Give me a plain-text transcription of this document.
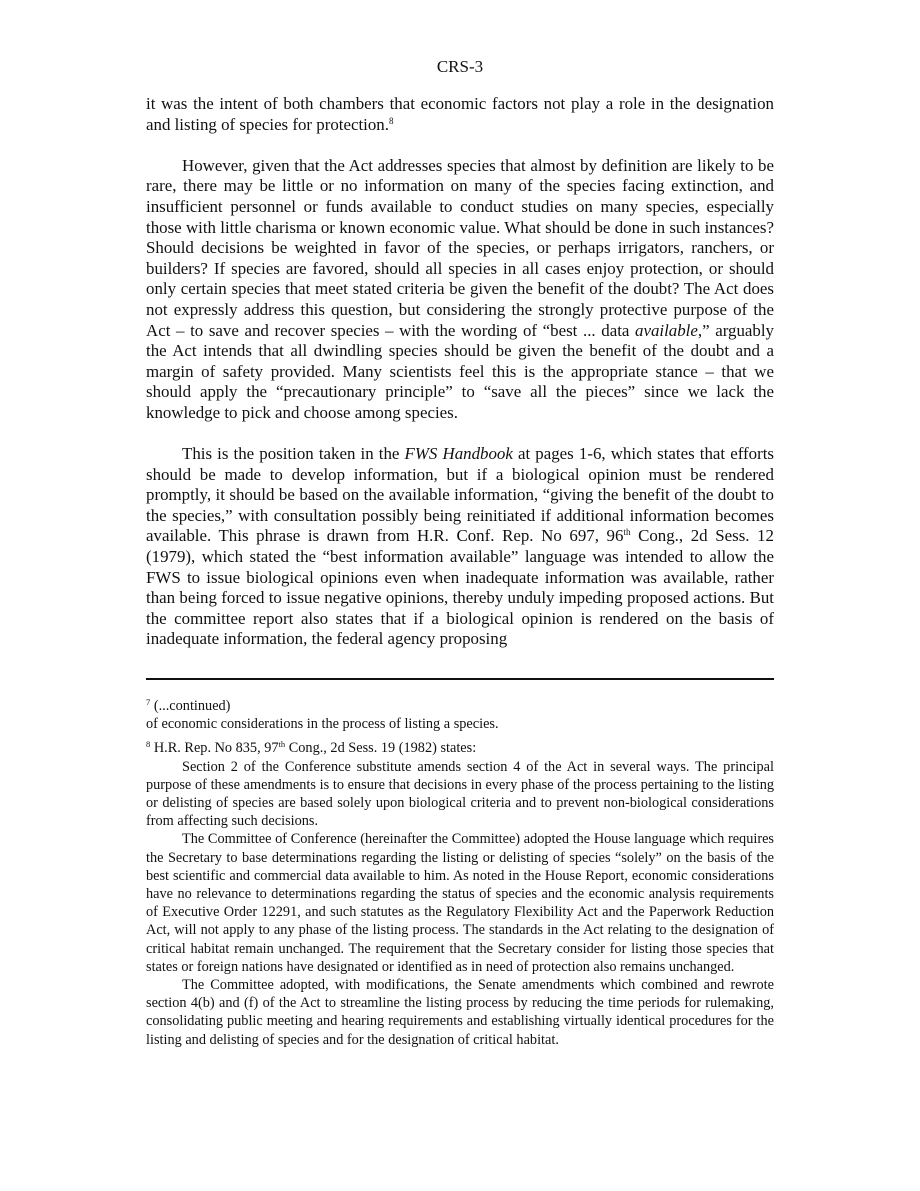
CRS-3

it was the intent of both chambers that economic factors not play a role in the designation and listing of species for protection.$^8$

However, given that the Act addresses species that almost by definition are likely to be rare, there may be little or no information on many of the species facing extinction, and insufficient personnel or funds available to conduct studies on many species, especially those with little charisma or known economic value. What should be done in such instances? Should decisions be weighted in favor of the species, or perhaps irrigators, ranchers, or builders? If species are favored, should all species in all cases enjoy protection, or should only certain species that meet stated criteria be given the benefit of the doubt? The Act does not expressly address this question, but considering the strongly protective purpose of the Act – to save and recover species – with the wording of “best ... data available,” arguably the Act intends that all dwindling species should be given the benefit of the doubt and a margin of safety provided. Many scientists feel this is the appropriate stance – that we should apply the “precautionary principle” to “save all the pieces” since we lack the knowledge to pick and choose among species.

This is the position taken in the FWS Handbook at pages 1-6, which states that efforts should be made to develop information, but if a biological opinion must be rendered promptly, it should be based on the available information, “giving the benefit of the doubt to the species,” with consultation possibly being reinitiated if additional information becomes available. This phrase is drawn from H.R. Conf. Rep. No 697, 96th Cong., 2d Sess. 12 (1979), which stated the “best information available” language was intended to allow the FWS to issue biological opinions even when inadequate information was available, rather than being forced to issue negative opinions, thereby unduly impeding proposed actions. But the committee report also states that if a biological opinion is rendered on the basis of inadequate information, the federal agency proposing

$^7$ (...continued)

of economic considerations in the process of listing a species.

$^8$ H.R. Rep. No 835, 97th Cong., 2d Sess. 19 (1982) states:

Section 2 of the Conference substitute amends section 4 of the Act in several ways. The principal purpose of these amendments is to ensure that decisions in every phase of the process pertaining to the listing or delisting of species are based solely upon biological criteria and to prevent non-biological considerations from affecting such decisions.

The Committee of Conference (hereinafter the Committee) adopted the House language which requires the Secretary to base determinations regarding the listing or delisting of species “solely” on the basis of the best scientific and commercial data available to him. As noted in the House Report, economic considerations have no relevance to determinations regarding the status of species and the economic analysis requirements of Executive Order 12291, and such statutes as the Regulatory Flexibility Act and the Paperwork Reduction Act, will not apply to any phase of the listing process. The standards in the Act relating to the designation of critical habitat remain unchanged. The requirement that the Secretary consider for listing those species that states or foreign nations have designated or identified as in need of protection also remains unchanged.

The Committee adopted, with modifications, the Senate amendments which combined and rewrote section 4(b) and (f) of the Act to streamline the listing process by reducing the time periods for rulemaking, consolidating public meeting and hearing requirements and establishing virtually identical procedures for the listing and delisting of species and for the designation of critical habitat.
